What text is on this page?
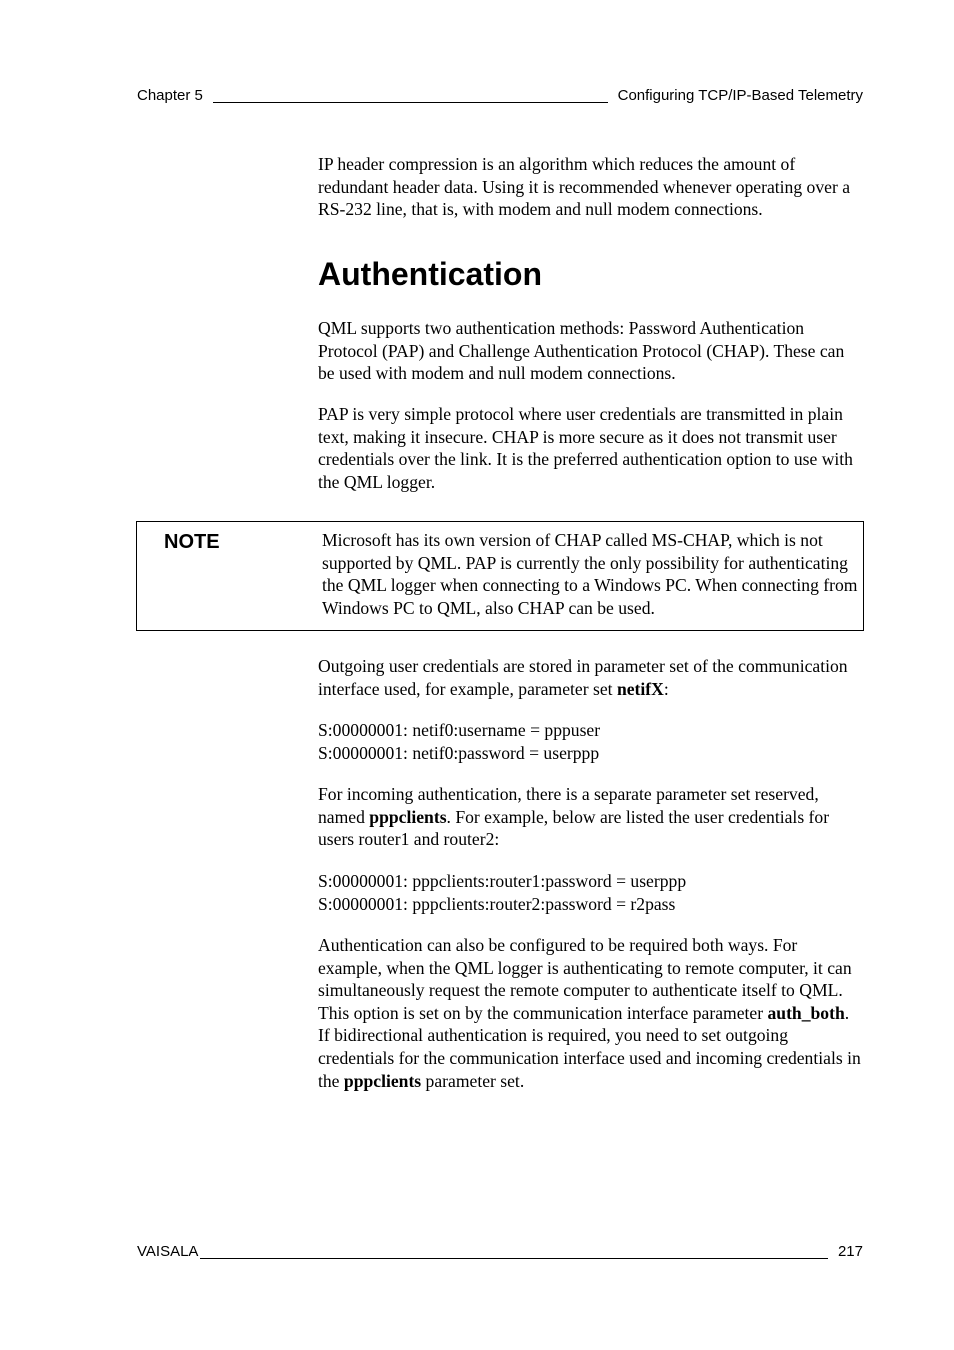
Chapter 5	Configuring TCP/IP-Based Telemetry

IP header compression is an algorithm which reduces the amount of redundant header data. Using it is recommended whenever operating over a RS-232 line, that is, with modem and null modem connections.

Authentication

QML supports two authentication methods: Password Authentication Protocol (PAP) and Challenge Authentication Protocol (CHAP). These can be used with modem and null modem connections.

PAP is very simple protocol where user credentials are transmitted in plain text, making it insecure. CHAP is more secure as it does not transmit user credentials over the link. It is the preferred authentication option to use with the QML logger.

NOTE	Microsoft has its own version of CHAP called MS-CHAP, which is not supported by QML. PAP is currently the only possibility for authenticating the QML logger when connecting to a Windows PC. When connecting from Windows PC to QML, also CHAP can be used.

Outgoing user credentials are stored in parameter set of the communication interface used, for example, parameter set netifX:

S:00000001: netif0:username = pppuser

S:00000001: netif0:password = userppp

For incoming authentication, there is a separate parameter set reserved, named pppclients. For example, below are listed the user credentials for users router1 and router2:

S:00000001: pppclients:router1:password = userppp

S:00000001: pppclients:router2:password = r2pass

Authentication can also be configured to be required both ways. For example, when the QML logger is authenticating to remote computer, it can simultaneously request the remote computer to authenticate itself to QML. This option is set on by the communication interface parameter auth_both. If bidirectional authentication is required, you need to set outgoing credentials for the communication interface used and incoming credentials in the pppclients parameter set.

VAISALA	217
